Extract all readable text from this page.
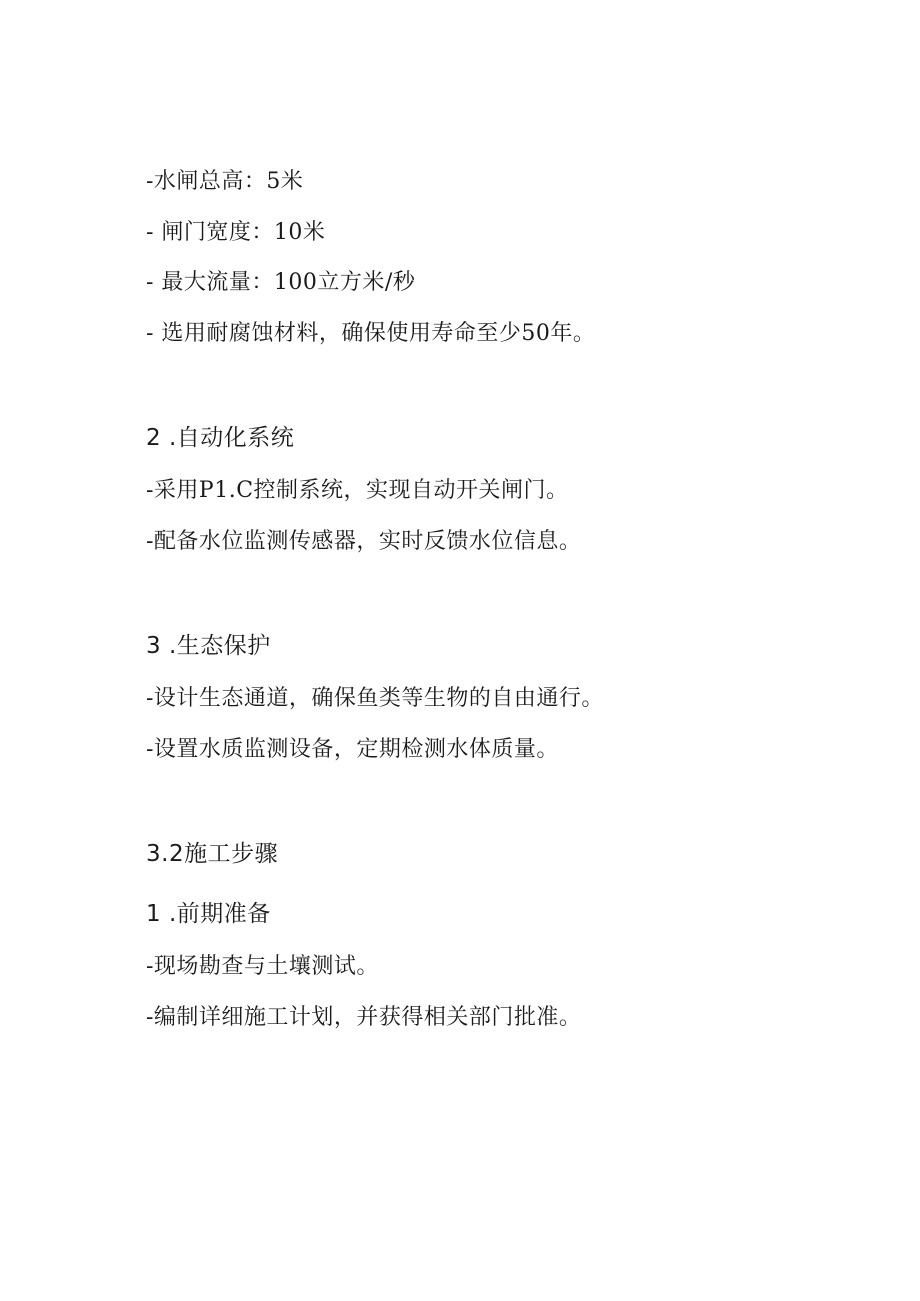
-水闸总高：5米
- 闸门宽度：10米
- 最大流量：100立方米/秒
- 选用耐腐蚀材料，确保使用寿命至少50年。
2 .自动化系统
-采用P1.C控制系统，实现自动开关闸门。
-配备水位监测传感器，实时反馈水位信息。
3 .生态保护
-设计生态通道，确保鱼类等生物的自由通行。
-设置水质监测设备，定期检测水体质量。
3.2施工步骤
1 .前期准备
-现场勘查与土壤测试。
-编制详细施工计划，并获得相关部门批准。
